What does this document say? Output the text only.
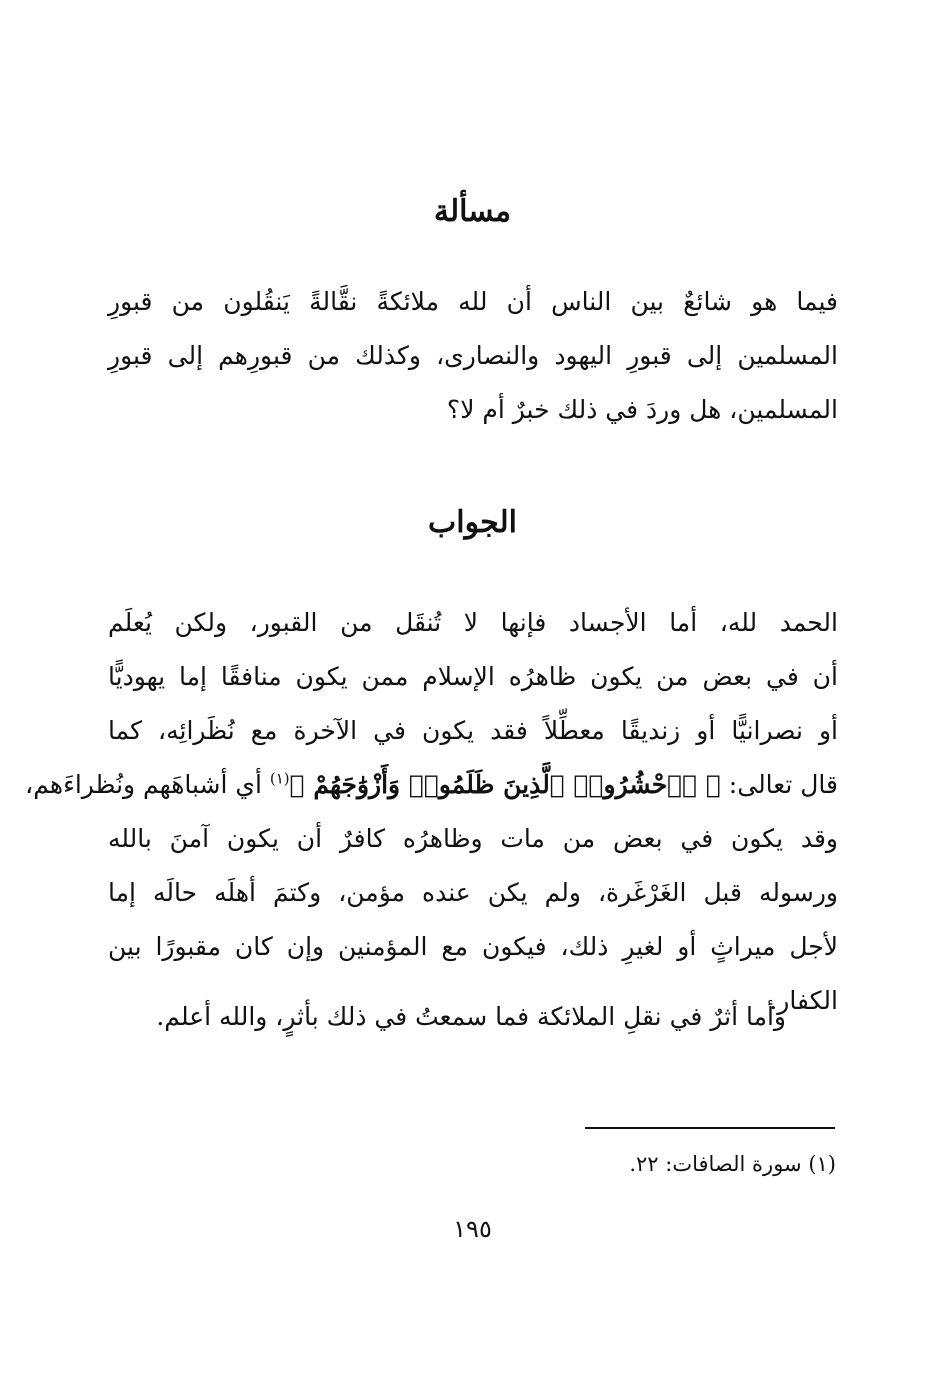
مسألة
فيما هو شائعٌ بين الناس أن لله ملائكةً نقَّالةً يَنقُلون من قبورِ
المسلمين إلى قبورِ اليهود والنصارى، وكذلك من قبورِهم إلى قبورِ
المسلمين، هل وردَ في ذلك خبرٌ أم لا؟
الجواب
الحمد لله، أما الأجساد فإنها لا تُنقَل من القبور، ولكن يُعلَم
أن في بعض من يكون ظاهرُه الإسلام ممن يكون منافقًا إما يهوديًّا
أو نصرانيًّا أو زنديقًا معطِّلاً فقد يكون في الآخرة مع نُظَرائِه، كما
قال تعالى: ﴿ ۞ٱحْشُرُوا۟ ٱلَّذِينَ ظَلَمُوا۟ وَأَزْوَٰجَهُمْ ﴾$^{(١)}$ أي أشباهَهم ونُظراءَهم،
وقد يكون في بعض من مات وظاهرُه كافرٌ أن يكون آمنَ بالله
ورسوله قبل الغَرْغَرة، ولم يكن عنده مؤمن، وكتمَ أهلَه حالَه إما
لأجل ميراثٍ أو لغيرِ ذلك، فيكون مع المؤمنين وإن كان مقبورًا بين
الكفار.
وأما أثرٌ في نقلِ الملائكة فما سمعتُ في ذلك بأثرٍ، والله أعلم.
(١) سورة الصافات: ٢٢.
١٩٥
